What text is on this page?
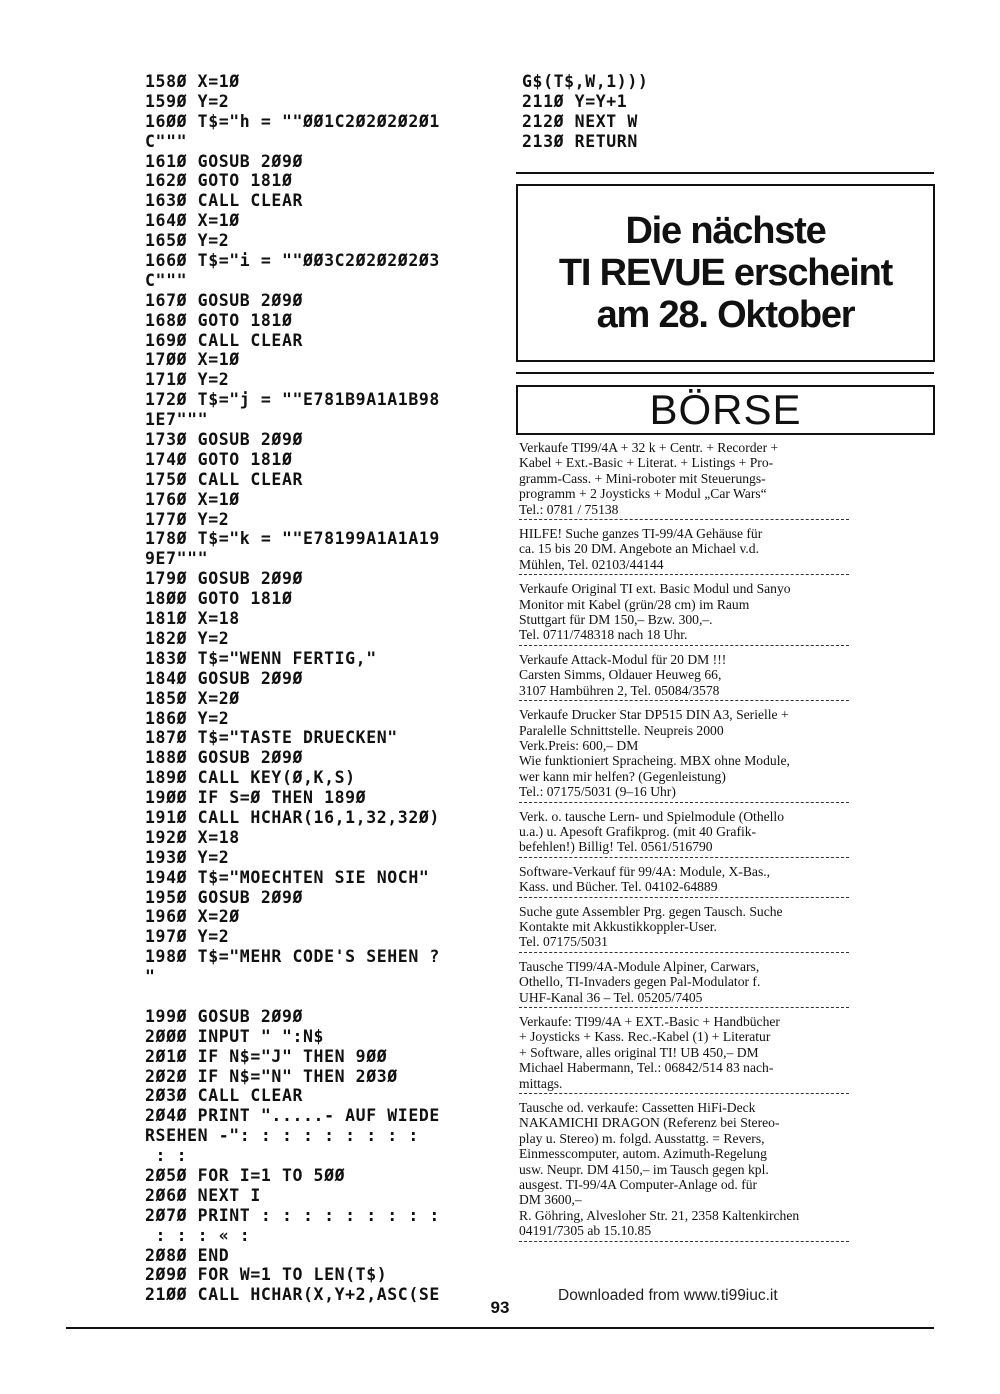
158Ø X=1Ø
159Ø Y=2
16ØØ T$="h = ""ØØ1C2Ø2Ø2Ø2Ø1
C"""
161Ø GOSUB 2Ø9Ø
162Ø GOTO 181Ø
163Ø CALL CLEAR
164Ø X=1Ø
165Ø Y=2
166Ø T$="i = ""ØØ3C2Ø2Ø2Ø2Ø3
C"""
167Ø GOSUB 2Ø9Ø
168Ø GOTO 181Ø
169Ø CALL CLEAR
17ØØ X=1Ø
171Ø Y=2
172Ø T$="j = ""E781B9A1A1B98
1E7"""
173Ø GOSUB 2Ø9Ø
174Ø GOTO 181Ø
175Ø CALL CLEAR
176Ø X=1Ø
177Ø Y=2
178Ø T$="k = ""E78199A1A1A19
9E7"""
179Ø GOSUB 2Ø9Ø
18ØØ GOTO 181Ø
181Ø X=18
182Ø Y=2
183Ø T$="WENN FERTIG,"
184Ø GOSUB 2Ø9Ø
185Ø X=2Ø
186Ø Y=2
187Ø T$="TASTE DRUECKEN"
188Ø GOSUB 2Ø9Ø
189Ø CALL KEY(Ø,K,S)
19ØØ IF S=Ø THEN 189Ø
191Ø CALL HCHAR(16,1,32,32Ø)
192Ø X=18
193Ø Y=2
194Ø T$="MOECHTEN SIE NOCH"
195Ø GOSUB 2Ø9Ø
196Ø X=2Ø
197Ø Y=2
198Ø T$="MEHR CODE'S SEHEN ?
"
199Ø GOSUB 2Ø9Ø
2ØØØ INPUT " ":N$
2Ø1Ø IF N$="J" THEN 9ØØ
2Ø2Ø IF N$="N" THEN 2Ø3Ø
2Ø3Ø CALL CLEAR
2Ø4Ø PRINT ".....- AUF WIEDE
RSEHEN -": : : : : : : : :
: :
2Ø5Ø FOR I=1 TO 5ØØ
2Ø6Ø NEXT I
2Ø7Ø PRINT : : : : : : : : :
: : : « :
2Ø8Ø END
2Ø9Ø FOR W=1 TO LEN(T$)
21ØØ CALL HCHAR(X,Y+2,ASC(SE
G$(T$,W,1)))
211Ø Y=Y+1
212Ø NEXT W
213Ø RETURN
Die nächste
TI REVUE erscheint
am 28. Oktober
BÖRSE
Verkaufe TI99/4A + 32 k + Centr. + Recorder +
Kabel + Ext.-Basic + Literat. + Listings + Pro-
gramm-Cass. + Mini-roboter mit Steuerungs-
programm + 2 Joysticks + Modul „Car Wars“
Tel.: 0781 / 75138
HILFE! Suche ganzes TI-99/4A Gehäuse für
ca. 15 bis 20 DM. Angebote an Michael v.d.
Mühlen, Tel. 02103/44144
Verkaufe Original TI ext. Basic Modul und Sanyo
Monitor mit Kabel (grün/28 cm) im Raum
Stuttgart für DM 150,– Bzw. 300,–.
Tel. 0711/748318 nach 18 Uhr.
Verkaufe Attack-Modul für 20 DM !!!
Carsten Simms, Oldauer Heuweg 66,
3107 Hambühren 2, Tel. 05084/3578
Verkaufe Drucker Star DP515 DIN A3, Serielle +
Paralelle Schnittstelle. Neupreis 2000
Verk.Preis: 600,– DM
Wie funktioniert Spracheing. MBX ohne Module,
wer kann mir helfen? (Gegenleistung)
Tel.: 07175/5031 (9–16 Uhr)
Verk. o. tausche Lern- und Spielmodule (Othello
u.a.) u. Apesoft Grafikprog. (mit 40 Grafik-
befehlen!) Billig! Tel. 0561/516790
Software-Verkauf für 99/4A: Module, X-Bas.,
Kass. und Bücher. Tel. 04102-64889
Suche gute Assembler Prg. gegen Tausch. Suche
Kontakte mit Akkustikkoppler-User.
Tel. 07175/5031
Tausche TI99/4A-Module Alpiner, Carwars,
Othello, TI-Invaders gegen Pal-Modulator f.
UHF-Kanal 36 – Tel. 05205/7405
Verkaufe: TI99/4A + EXT.-Basic + Handbücher
+ Joysticks + Kass. Rec.-Kabel (1) + Literatur
+ Software, alles original TI! UB 450,– DM
Michael Habermann, Tel.: 06842/514 83 nach-
mittags.
Tausche od. verkaufe: Cassetten HiFi-Deck
NAKAMICHI DRAGON (Referenz bei Stereo-
play u. Stereo) m. folgd. Ausstattg. = Revers,
Einmesscomputer, autom. Azimuth-Regelung
usw. Neupr. DM 4150,– im Tausch gegen kpl.
ausgest. TI-99/4A Computer-Anlage od. für
DM 3600,–
R. Göhring, Alvesloher Str. 21, 2358 Kaltenkirchen
04191/7305 ab 15.10.85
Downloaded from www.ti99iuc.it
93
